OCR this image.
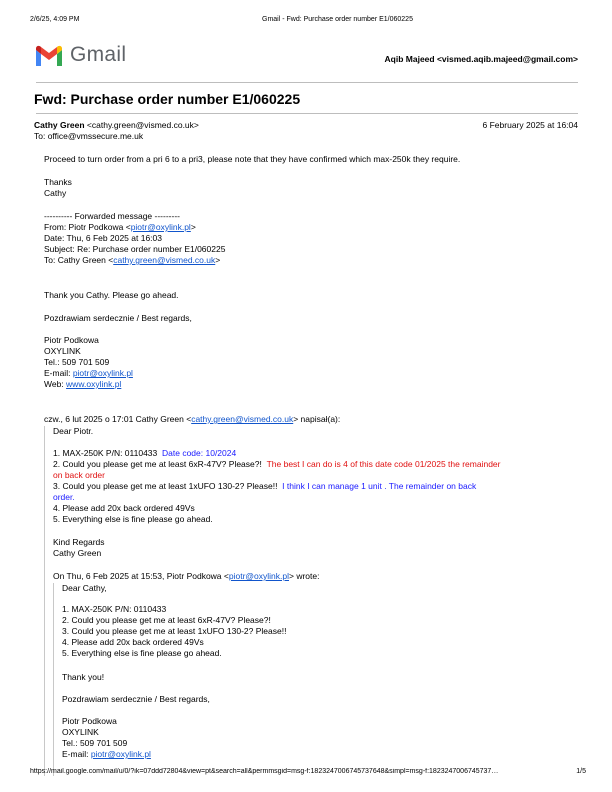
2/6/25, 4:09 PM	Gmail - Fwd: Purchase order number E1/060225
Gmail	Aqib Majeed <vismed.aqib.majeed@gmail.com>
Fwd: Purchase order number E1/060225
Cathy Green <cathy.green@vismed.co.uk>	6 February 2025 at 16:04
To: office@vmssecure.me.uk
Proceed to turn order from a pri 6 to a pri3, please note that they have confirmed which max-250k they require.
Thanks
Cathy
---------- Forwarded message ---------
From: Piotr Podkowa <piotr@oxylink.pl>
Date: Thu, 6 Feb 2025 at 16:03
Subject: Re: Purchase order number E1/060225
To: Cathy Green <cathy.green@vismed.co.uk>
Thank you Cathy. Please go ahead.
Pozdrawiam serdecznie / Best regards,
Piotr Podkowa
OXYLINK
Tel.: 509 701 509
E-mail: piotr@oxylink.pl
Web: www.oxylink.pl
czw., 6 lut 2025 o 17:01 Cathy Green <cathy.green@vismed.co.uk> napisał(a):
Dear Piotr.
1. MAX-250K P/N: 0110433 Date code: 10/2024
2. Could you please get me at least 6xR-47V? Please?! The best I can do is 4 of this date code 01/2025 the remainder
on back order
3. Could you please get me at least 1xUFO 130-2? Please!! I think I can manage 1 unit . The remainder on back
order.
4. Please add 20x back ordered 49Vs
5. Everything else is fine please go ahead.
Kind Regards
Cathy Green
On Thu, 6 Feb 2025 at 15:53, Piotr Podkowa <piotr@oxylink.pl> wrote:
Dear Cathy,
1. MAX-250K P/N: 0110433
2. Could you please get me at least 6xR-47V? Please?!
3. Could you please get me at least 1xUFO 130-2? Please!!
4. Please add 20x back ordered 49Vs
5. Everything else is fine please go ahead.
Thank you!
Pozdrawiam serdecznie / Best regards,
Piotr Podkowa
OXYLINK
Tel.: 509 701 509
E-mail: piotr@oxylink.pl
https://mail.google.com/mail/u/0/?ik=07ddd72804&view=pt&search=all&permmsgid=msg-f:1823247006745737648&simpl=msg-f:1823247006745737…	1/5
